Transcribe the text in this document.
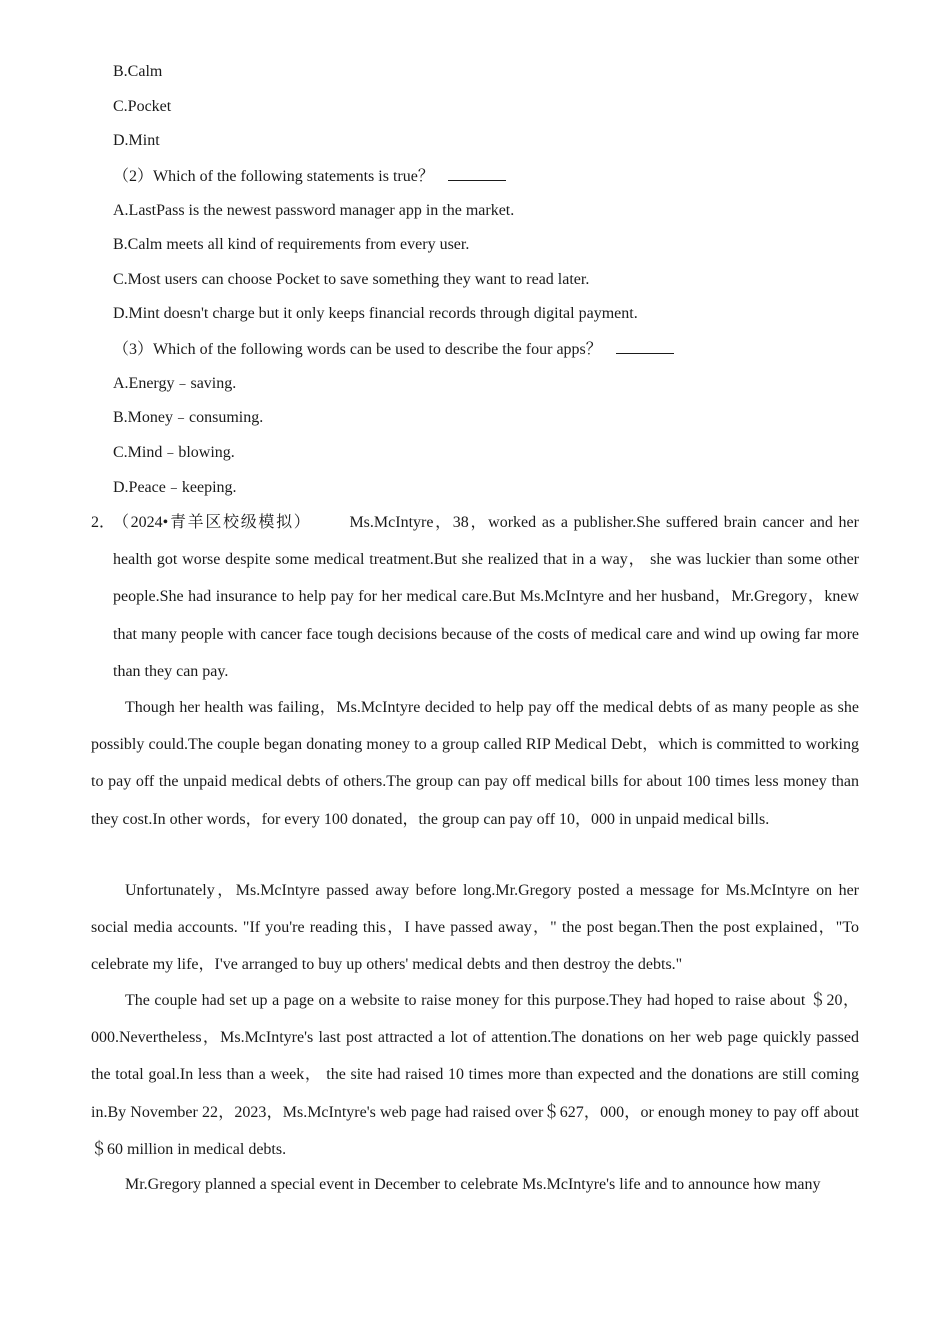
B.Calm
C.Pocket
D.Mint
（2）Which of the following statements is true？
A.LastPass is the newest password manager app in the market.
B.Calm meets all kind of requirements from every user.
C.Most users can choose Pocket to save something they want to read later.
D.Mint doesn't charge but it only keeps financial records through digital payment.
（3）Which of the following words can be used to describe the four apps？
A.Energy﹣saving.
B.Money﹣consuming.
C.Mind﹣blowing.
D.Peace﹣keeping.
2．
（2024•青羊区校级模拟） Ms.McIntyre，38，worked as a publisher.She suffered brain cancer and her health got worse despite some medical treatment.But she realized that in a way， she was luckier than some other people.She had insurance to help pay for her medical care.But Ms.McIntyre and her husband，Mr.Gregory，knew that many people with cancer face tough decisions because of the costs of medical care and wind up owing far more than they can pay.
Though her health was failing，Ms.McIntyre decided to help pay off the medical debts of as many people as she possibly could.The couple began donating money to a group called RIP Medical Debt，which is committed to working to pay off the unpaid medical debts of others.The group can pay off medical bills for about 100 times less money than they cost.In other words，for every 100 donated，the group can pay off 10，000 in unpaid medical bills.
Unfortunately，Ms.McIntyre passed away before long.Mr.Gregory posted a message for Ms.McIntyre on her social media accounts. "If you're reading this，I have passed away，" the post began.Then the post explained，"To celebrate my life，I've arranged to buy up others' medical debts and then destroy the debts."
The couple had set up a page on a website to raise money for this purpose.They had hoped to raise about ＄20，000.Nevertheless，Ms.McIntyre's last post attracted a lot of attention.The donations on her web page quickly passed the total goal.In less than a week， the site had raised 10 times more than expected and the donations are still coming in.By November 22，2023，Ms.McIntyre's web page had raised over＄627，000，or enough money to pay off about ＄60 million in medical debts.
Mr.Gregory planned a special event in December to celebrate Ms.McIntyre's life and to announce how many
